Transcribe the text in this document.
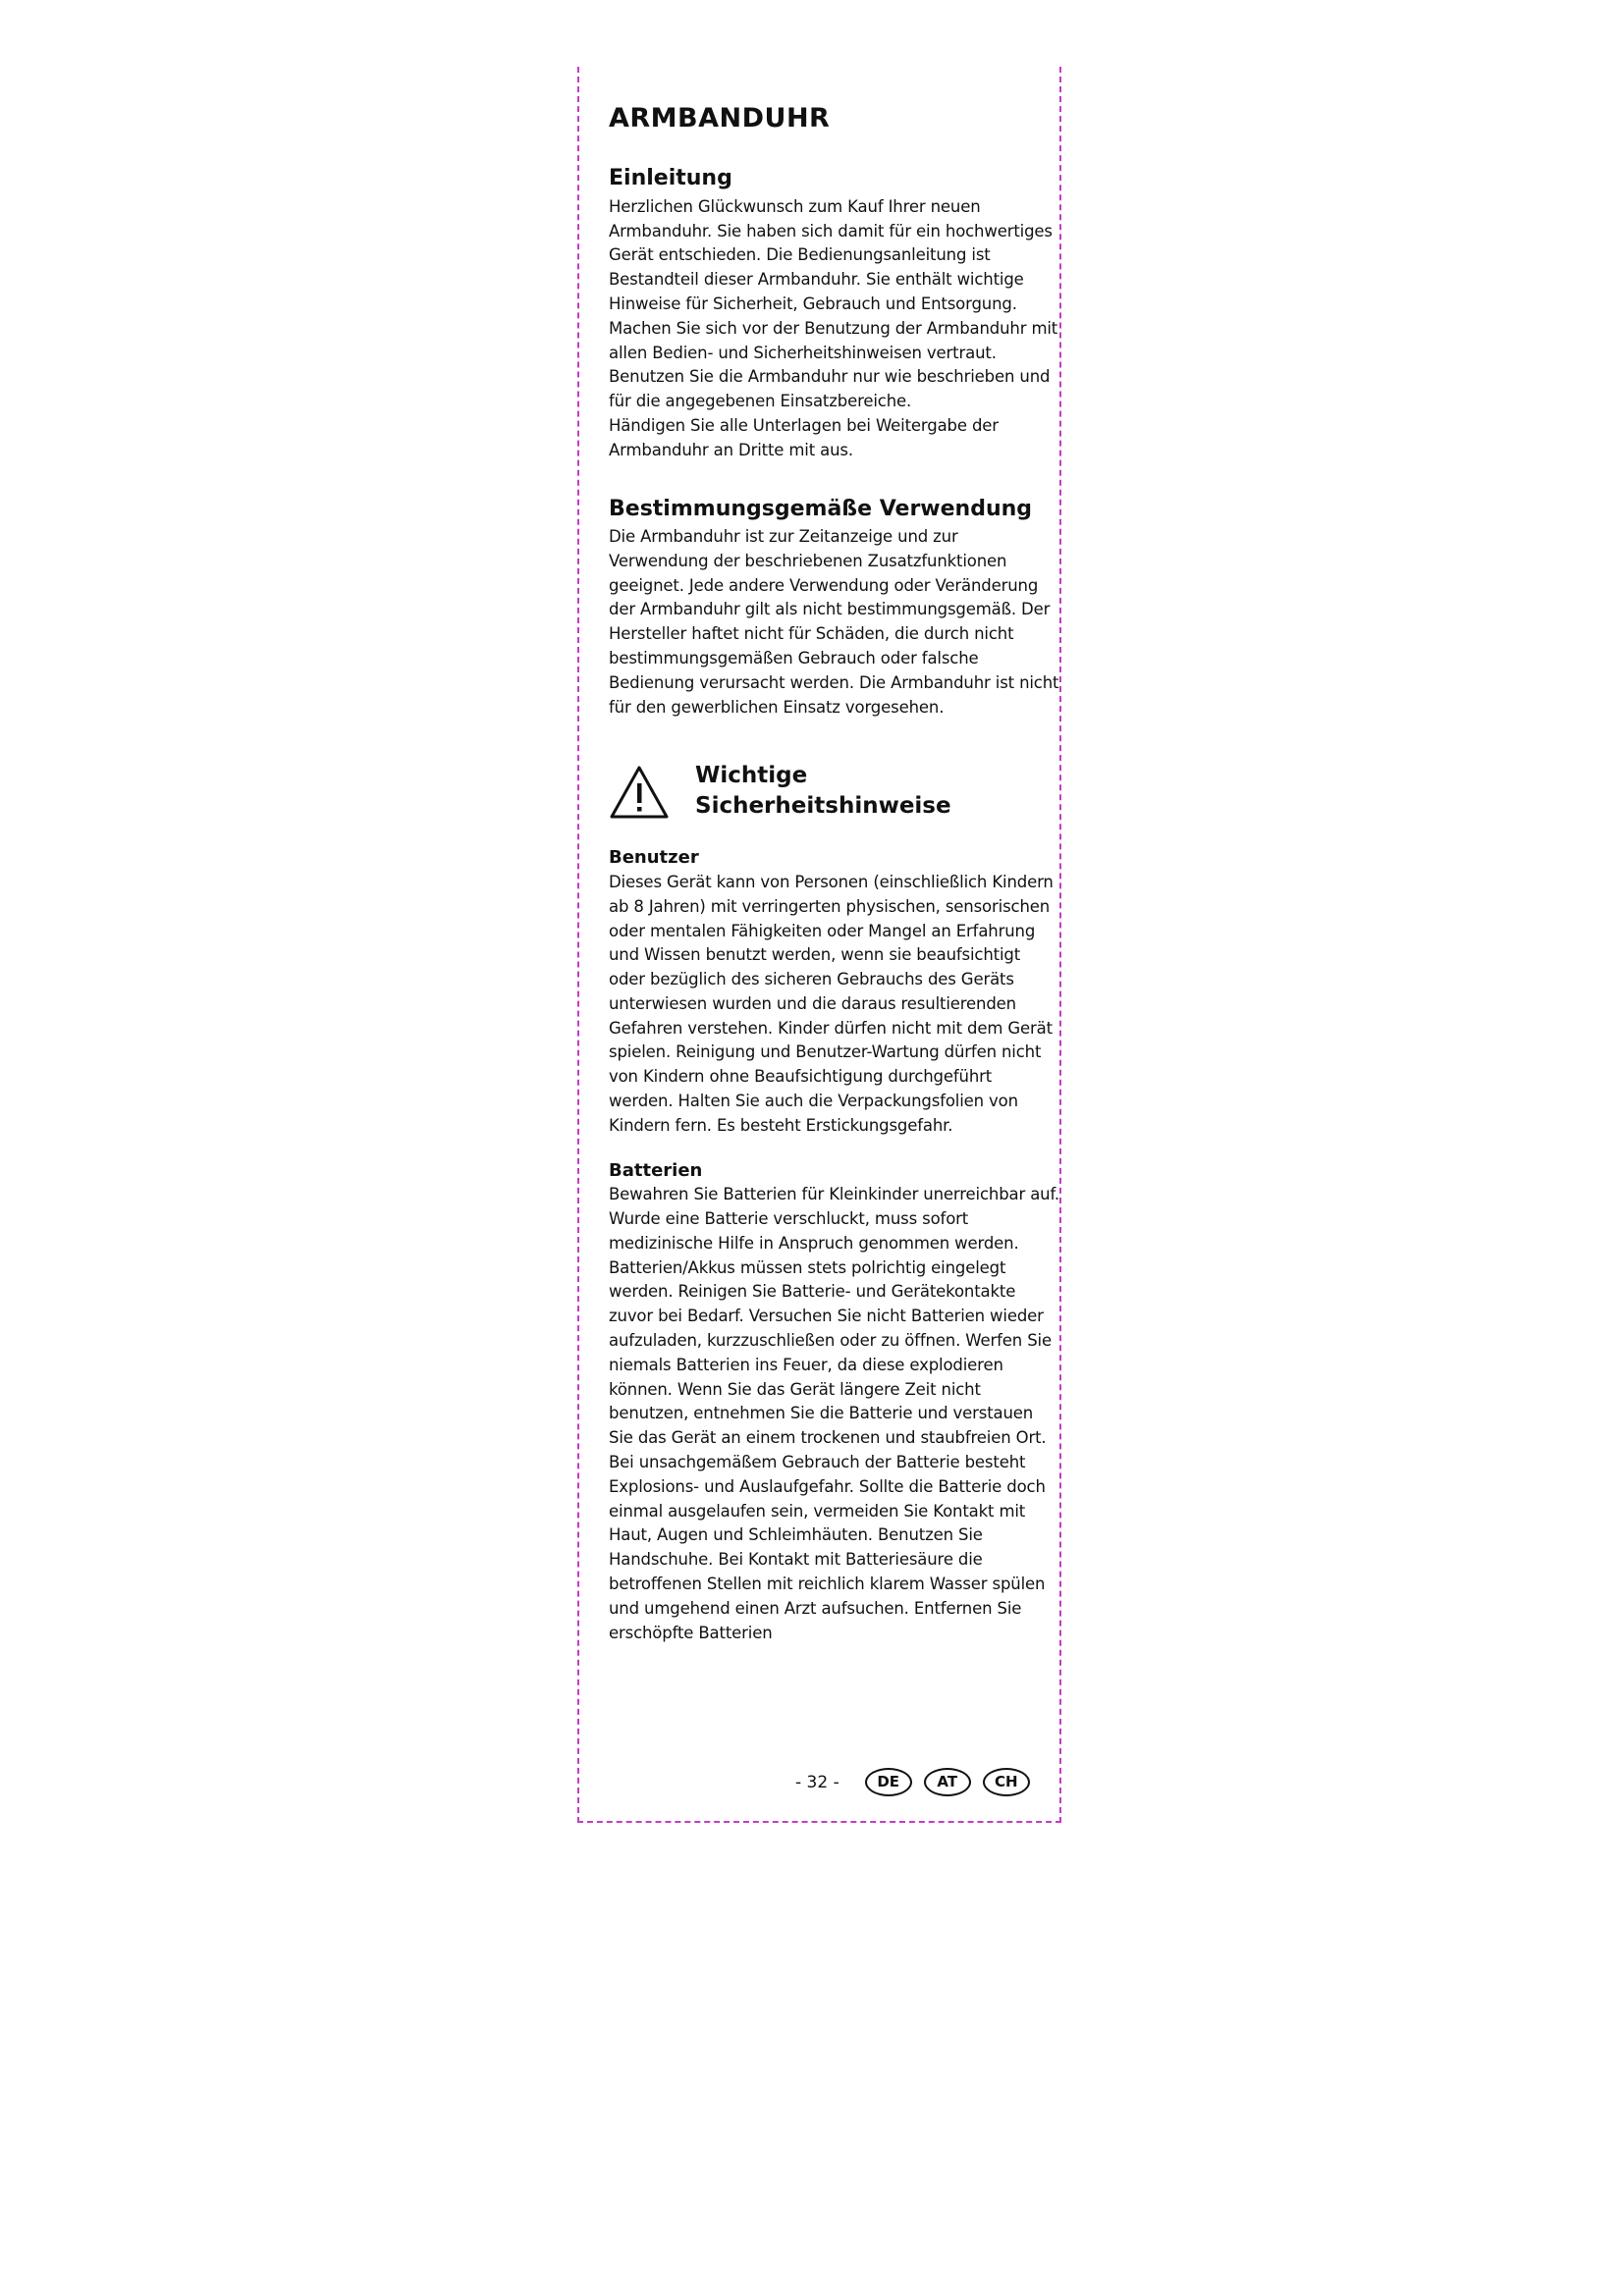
ARMBANDUHR
Einleitung

Herzlichen Glückwunsch zum Kauf Ihrer neuen Armbanduhr. Sie haben sich damit für ein hochwertiges Gerät entschieden. Die Bedienungsanleitung ist Bestandteil dieser Armbanduhr. Sie enthält wichtige Hinweise für Sicherheit, Gebrauch und Entsorgung. Machen Sie sich vor der Benutzung der Armbanduhr mit allen Bedien- und Sicherheitshinweisen vertraut. Benutzen Sie die Armbanduhr nur wie beschrieben und für die angegebenen Einsatzbereiche.

Händigen Sie alle Unterlagen bei Weitergabe der Armbanduhr an Dritte mit aus.

Bestimmungsgemäße Verwendung

Die Armbanduhr ist zur Zeitanzeige und zur Verwendung der beschriebenen Zusatzfunktionen geeignet. Jede andere Verwendung oder Veränderung der Armbanduhr gilt als nicht bestimmungsgemäß. Der Hersteller haftet nicht für Schäden, die durch nicht bestimmungsgemäßen Gebrauch oder falsche Bedienung verursacht werden. Die Armbanduhr ist nicht für den gewerblichen Einsatz vorgesehen.

Wichtige
Sicherheitshinweise
Benutzer

Dieses Gerät kann von Personen (einschließlich Kindern ab 8 Jahren) mit verringerten physischen, sensorischen oder mentalen Fähigkeiten oder Mangel an Erfahrung und Wissen benutzt werden, wenn sie beaufsichtigt oder bezüglich des sicheren Gebrauchs des Geräts unterwiesen wurden und die daraus resultierenden Gefahren verstehen. Kinder dürfen nicht mit dem Gerät spielen. Reinigung und Benutzer-Wartung dürfen nicht von Kindern ohne Beaufsichtigung durchgeführt werden. Halten Sie auch die Verpackungsfolien von Kindern fern. Es besteht Erstickungsgefahr.

Batterien

Bewahren Sie Batterien für Kleinkinder unerreichbar auf. Wurde eine Batterie verschluckt, muss sofort medizinische Hilfe in Anspruch genommen werden. Batterien/Akkus müssen stets polrichtig eingelegt werden. Reinigen Sie Batterie- und Gerätekontakte zuvor bei Bedarf. Versuchen Sie nicht Batterien wieder aufzuladen, kurzzuschließen oder zu öffnen. Werfen Sie niemals Batterien ins Feuer, da diese explodieren können. Wenn Sie das Gerät längere Zeit nicht benutzen, entnehmen Sie die Batterie und verstauen Sie das Gerät an einem trockenen und staubfreien Ort. Bei unsachgemäßem Gebrauch der Batterie besteht Explosions- und Auslaufgefahr. Sollte die Batterie doch einmal ausgelaufen sein, vermeiden Sie Kontakt mit Haut, Augen und Schleimhäuten. Benutzen Sie Handschuhe. Bei Kontakt mit Batteriesäure die betroffenen Stellen mit reichlich klarem Wasser spülen und umgehend einen Arzt aufsuchen. Entfernen Sie erschöpfte Batterien

- 32 -	DE	AT	CH
